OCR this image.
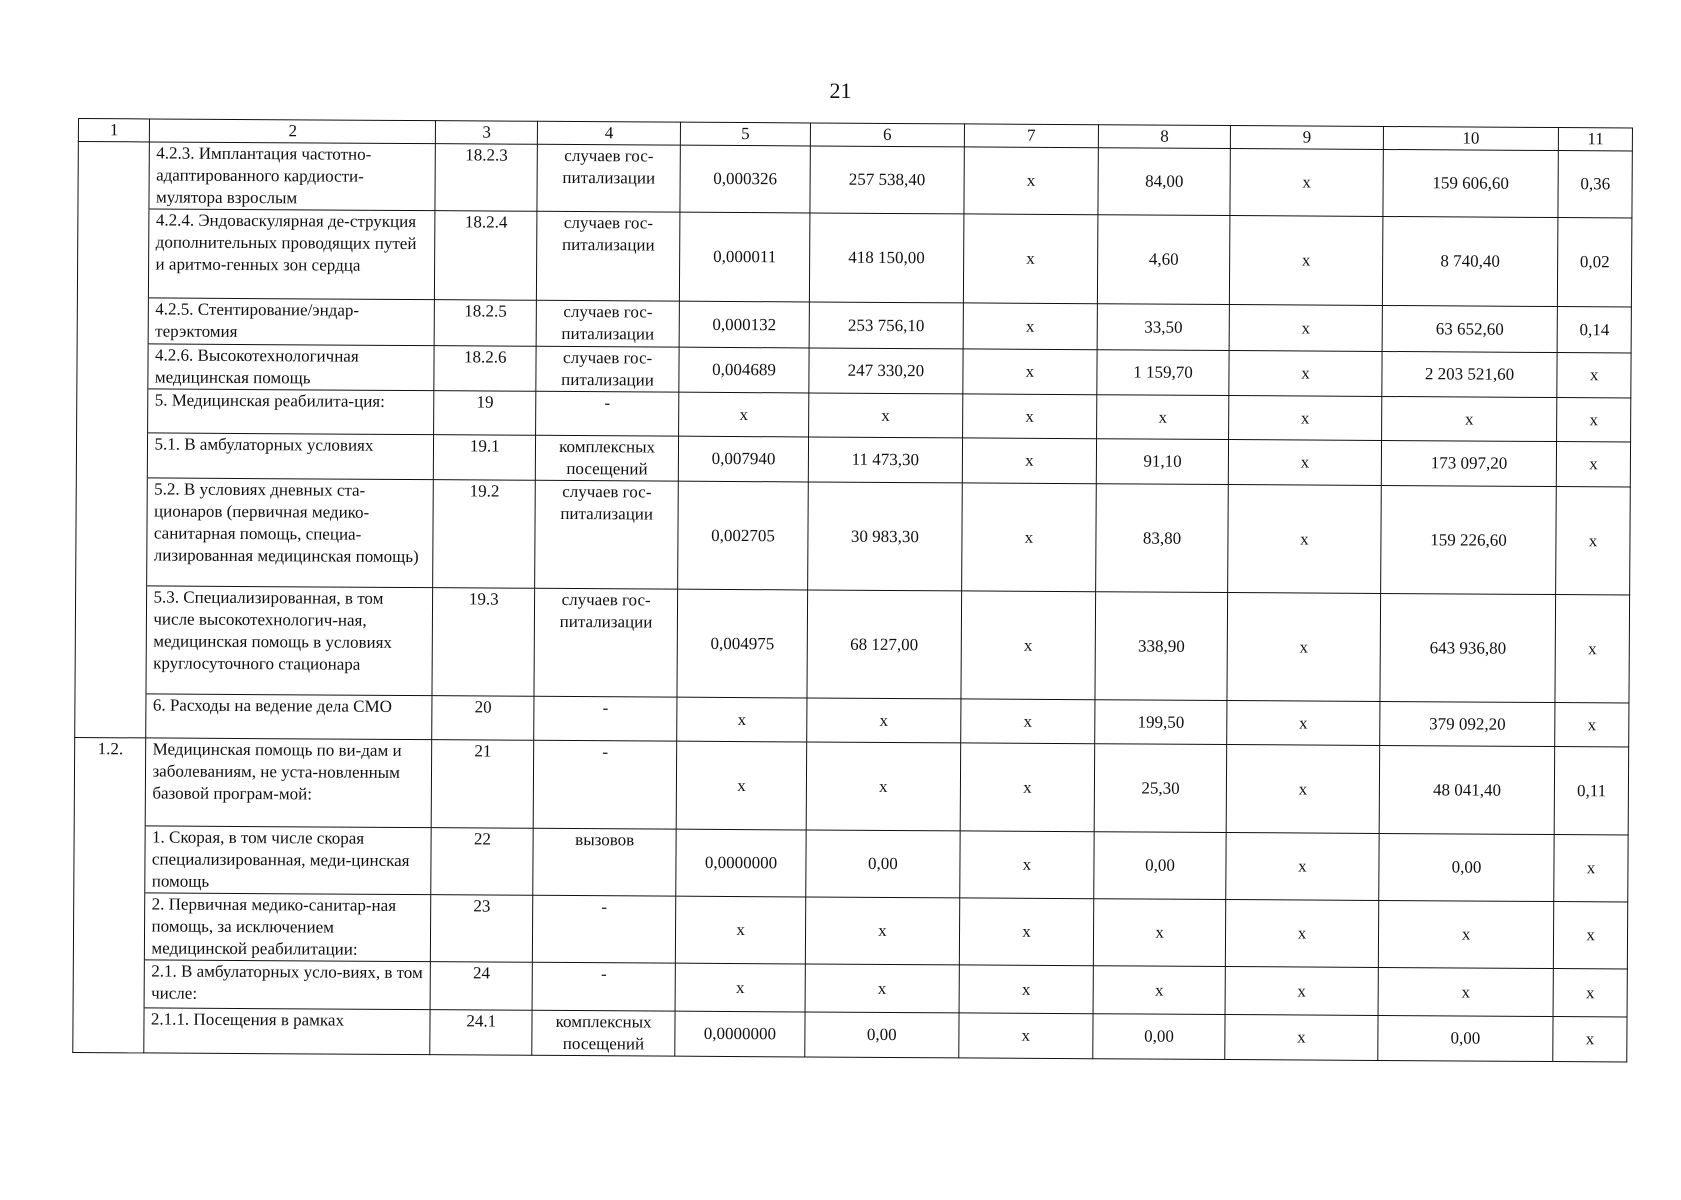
21
1	2	3	4	5	6	7	8	9	10	11
	4.2.3. Имплантация частотно-адаптированного кардиости-мулятора взрослым	18.2.3	случаев гос-питализации	0,000326	257 538,40	х	84,00	х	159 606,60	0,36
	4.2.4. Эндоваскулярная де-струкция дополнительных проводящих путей и аритмо-генных зон сердца	18.2.4	случаев гос-питализации	0,000011	418 150,00	х	4,60	х	8 740,40	0,02
	4.2.5. Стентирование/эндар-терэктомия	18.2.5	случаев гос-питализации	0,000132	253 756,10	х	33,50	х	63 652,60	0,14
	4.2.6. Высокотехнологичная медицинская помощь	18.2.6	случаев гос-питализации	0,004689	247 330,20	х	1 159,70	х	2 203 521,60	х
	5. Медицинская реабилита-ция:	19	-	х	х	х	х	х	х	х
	5.1. В амбулаторных условиях	19.1	комплексных посещений	0,007940	11 473,30	х	91,10	х	173 097,20	х
	5.2. В условиях дневных ста-ционаров (первичная медико-санитарная помощь, специа-лизированная медицинская помощь)	19.2	случаев гос-питализации	0,002705	30 983,30	х	83,80	х	159 226,60	х
	5.3. Специализированная, в том числе высокотехнологич-ная, медицинская помощь в условиях круглосуточного стационара	19.3	случаев гос-питализации	0,004975	68 127,00	х	338,90	х	643 936,80	х
	6. Расходы на ведение дела СМО	20	-	х	х	х	199,50	х	379 092,20	х
1.2.	Медицинская помощь по ви-дам и заболеваниям, не уста-новленным базовой програм-мой:	21	-	х	х	х	25,30	х	48 041,40	0,11
	1. Скорая, в том числе скорая специализированная, меди-цинская помощь	22	вызовов	0,0000000	0,00	х	0,00	х	0,00	х
	2. Первичная медико-санитар-ная помощь, за исключением медицинской реабилитации:	23	-	х	х	х	х	х	х	х
	2.1. В амбулаторных усло-виях, в том числе:	24	-	х	х	х	х	х	х	х
	2.1.1. Посещения в рамках	24.1	комплексных посещений	0,0000000	0,00	х	0,00	х	0,00	х
